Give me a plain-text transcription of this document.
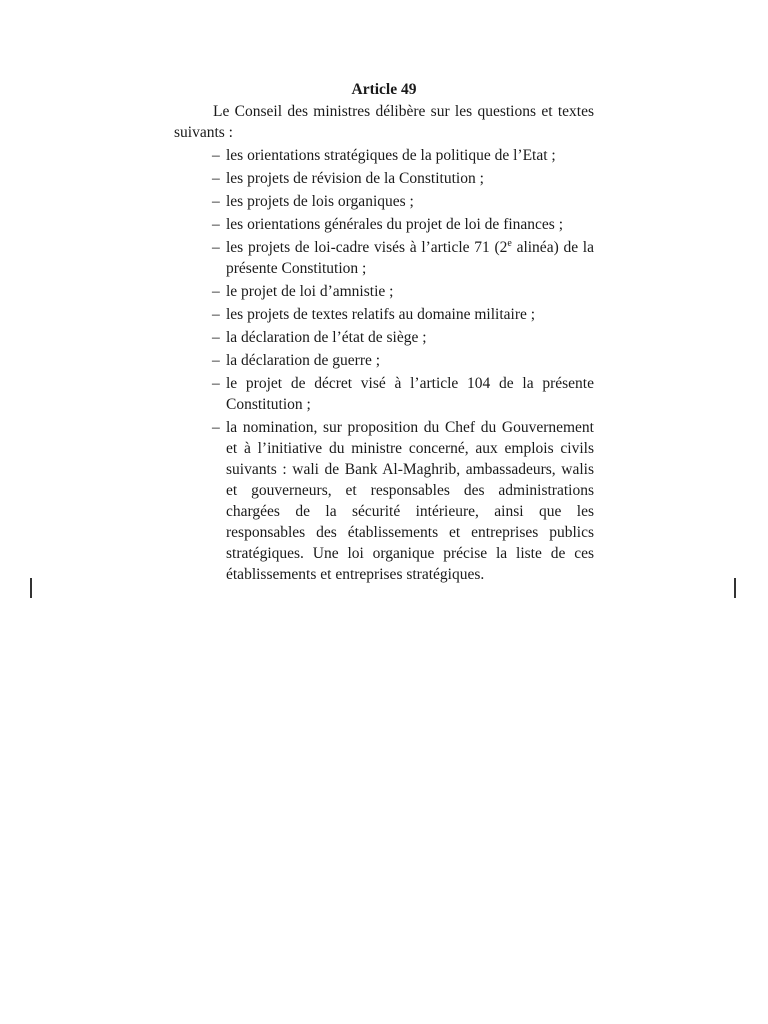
Article 49
Le Conseil des ministres délibère sur les questions et textes suivants :
– les orientations stratégiques de la politique de l’Etat ;
– les projets de révision de la Constitution ;
– les projets de lois organiques ;
– les orientations générales du projet de loi de finances ;
– les projets de loi-cadre visés à l’article 71 (2e alinéa) de la présente Constitution ;
– le projet de loi d’amnistie ;
– les projets de textes relatifs au domaine militaire ;
– la déclaration de l’état de siège ;
– la déclaration de guerre ;
– le projet de décret visé à l’article 104 de la présente Constitution ;
– la nomination, sur proposition du Chef du Gouvernement et à l’initiative du ministre concerné, aux emplois civils suivants : wali de Bank Al-Maghrib, ambassadeurs, walis et gouverneurs, et responsables des administrations chargées de la sécurité intérieure, ainsi que les responsables des établissements et entreprises publics stratégiques. Une loi organique précise la liste de ces établissements et entreprises stratégiques.
